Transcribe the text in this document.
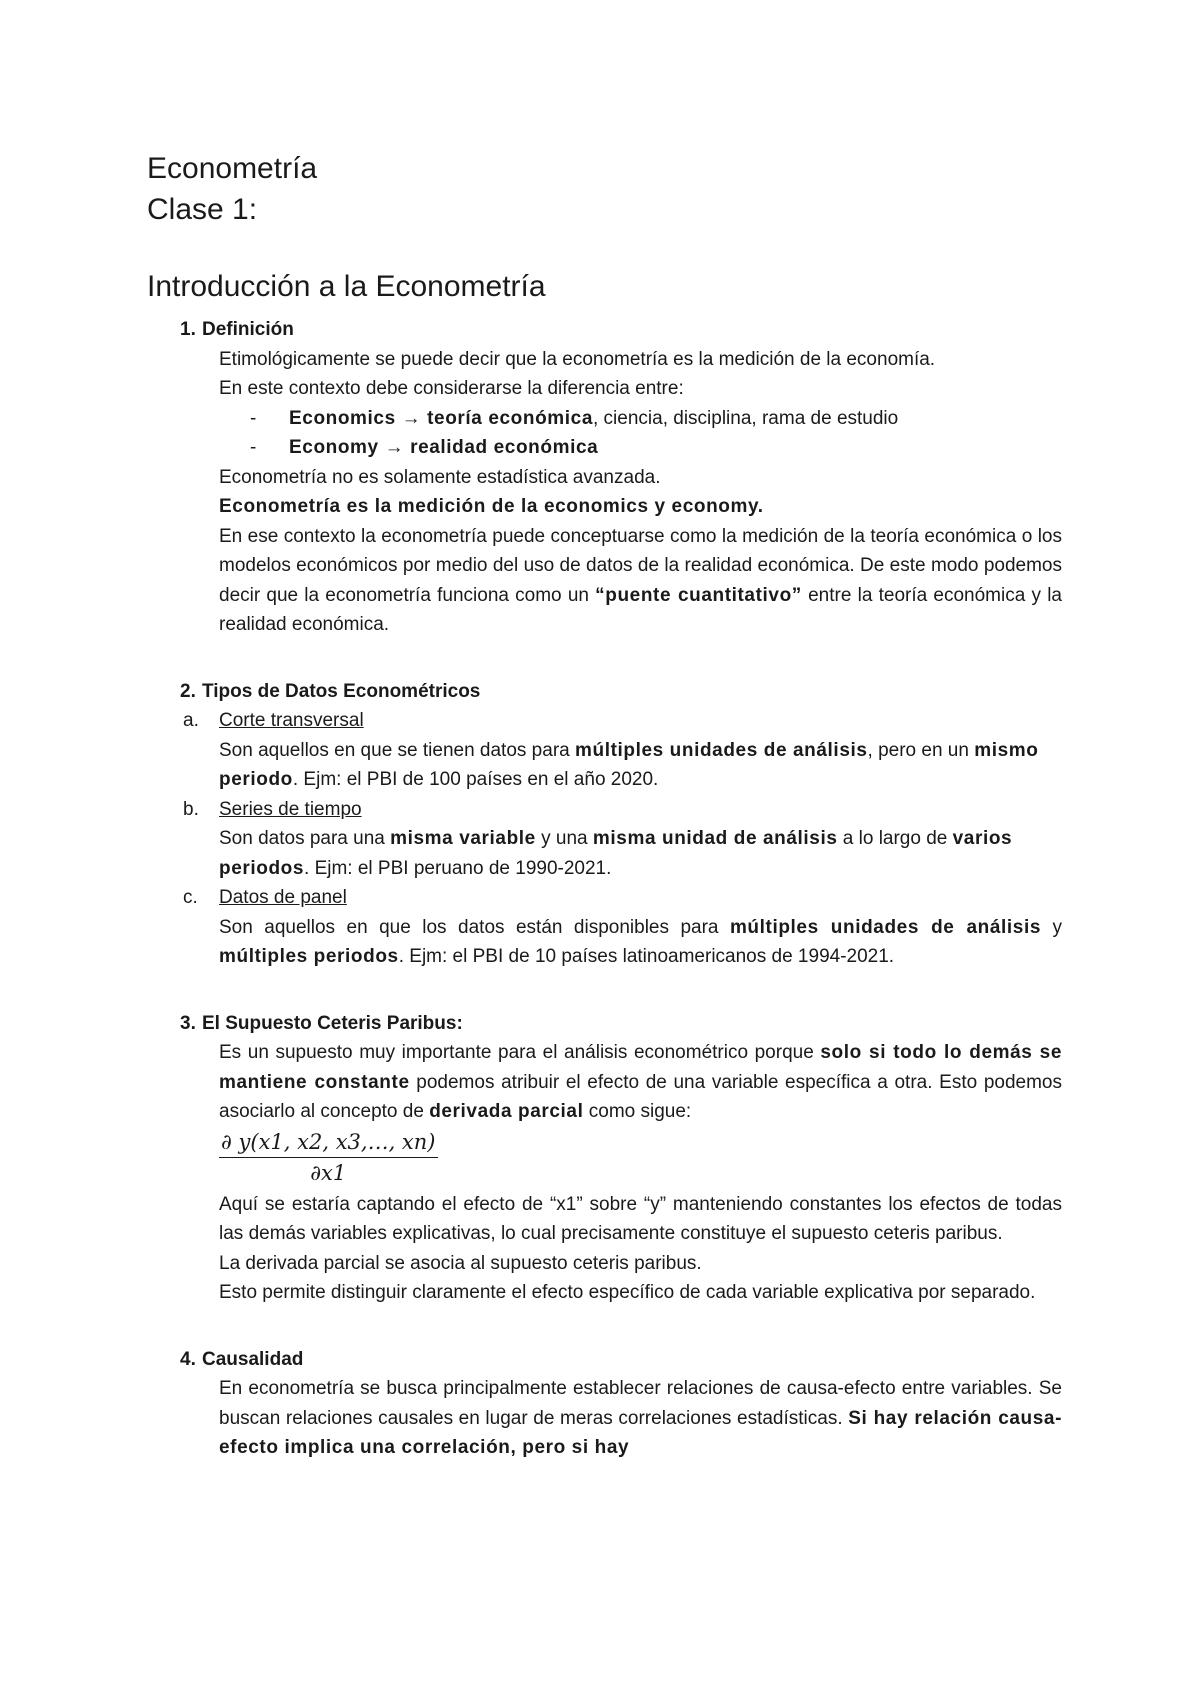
Econometría
Clase 1:
Introducción a la Econometría
1. Definición

Etimológicamente se puede decir que la econometría es la medición de la economía.

En este contexto debe considerarse la diferencia entre:

-	Economics → teoría económica, ciencia, disciplina, rama de estudio
-	Economy → realidad económica

Econometría no es solamente estadística avanzada.

Econometría es la medición de la economics y economy.

En ese contexto la econometría puede conceptuarse como la medición de la teoría económica o los modelos económicos por medio del uso de datos de la realidad económica. De este modo podemos decir que la econometría funciona como un “puente cuantitativo” entre la teoría económica y la realidad económica.

2. Tipos de Datos Econométricos
a.	Corte transversal

Son aquellos en que se tienen datos para múltiples unidades de análisis, pero en un mismo periodo. Ejm: el PBI de 100 países en el año 2020.

b.	Series de tiempo

Son datos para una misma variable y una misma unidad de análisis a lo largo de varios periodos. Ejm: el PBI peruano de 1990-2021.

c.	Datos de panel

Son aquellos en que los datos están disponibles para múltiples unidades de análisis y múltiples periodos. Ejm: el PBI de 10 países latinoamericanos de 1994-2021.

3. El Supuesto Ceteris Paribus:

Es un supuesto muy importante para el análisis econométrico porque solo si todo lo demás se mantiene constante podemos atribuir el efecto de una variable específica a otra. Esto podemos asociarlo al concepto de derivada parcial como sigue:

$\frac{\partial y(x1, x2, x3,\dots, xn)}{\partial x1}$

Aquí se estaría captando el efecto de “x1” sobre “y” manteniendo constantes los efectos de todas las demás variables explicativas, lo cual precisamente constituye el supuesto ceteris paribus.

La derivada parcial se asocia al supuesto ceteris paribus.

Esto permite distinguir claramente el efecto específico de cada variable explicativa por separado.

4. Causalidad

En econometría se busca principalmente establecer relaciones de causa-efecto entre variables. Se buscan relaciones causales en lugar de meras correlaciones estadísticas. Si hay relación causa-efecto implica una correlación, pero si hay
